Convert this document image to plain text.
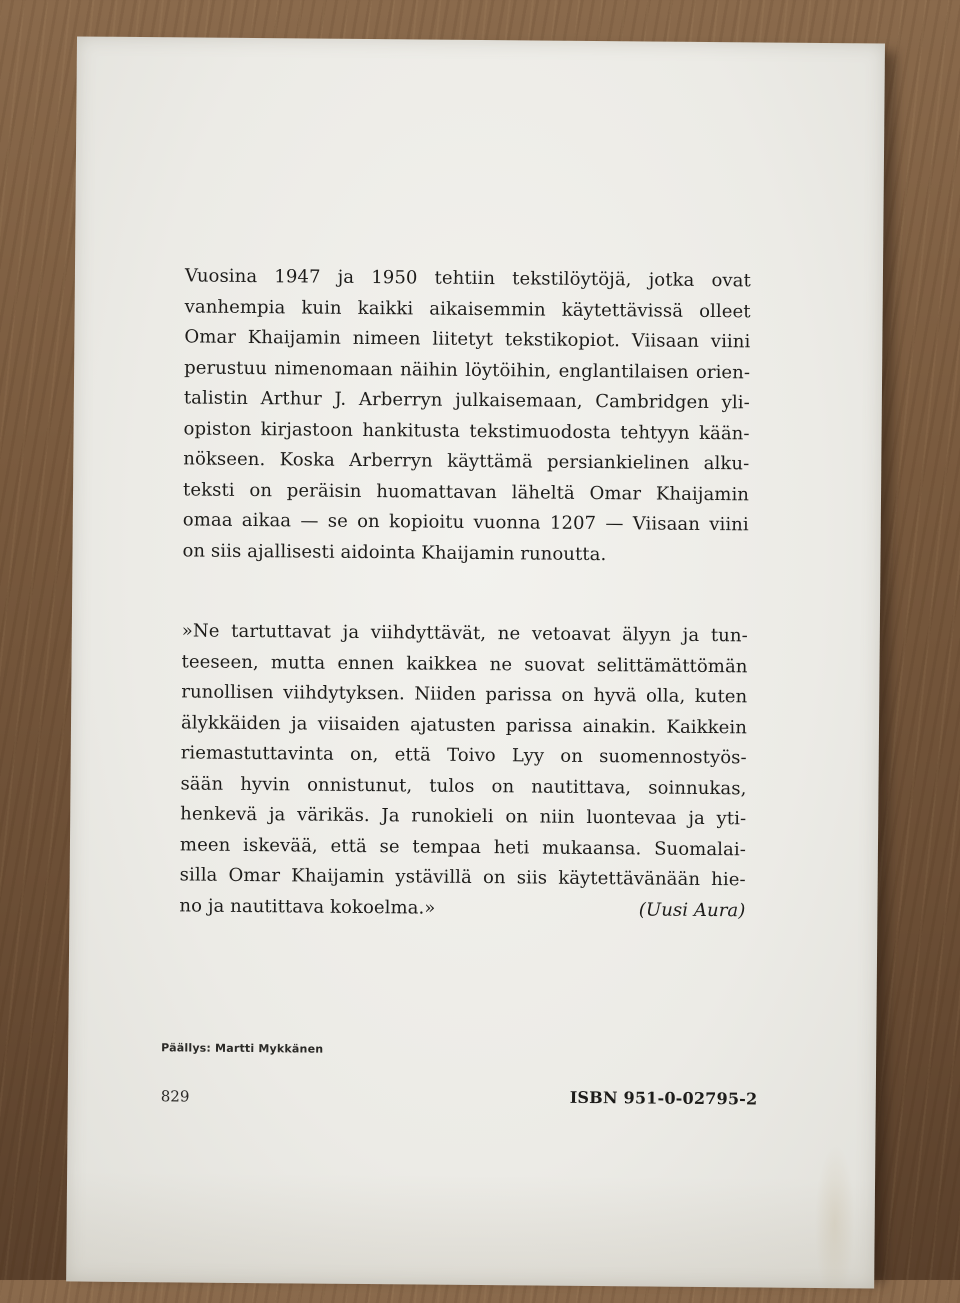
Vuosina 1947 ja 1950 tehtiin tekstilöytöjä, jotka ovat
vanhempia kuin kaikki aikaisemmin käytettävissä olleet
Omar Khaijamin nimeen liitetyt tekstikopiot. Viisaan viini
perustuu nimenomaan näihin löytöihin, englantilaisen orien-
talistin Arthur J. Arberryn julkaisemaan, Cambridgen yli-
opiston kirjastoon hankitusta tekstimuodosta tehtyyn kään-
nökseen. Koska Arberryn käyttämä persiankielinen alku-
teksti on peräisin huomattavan läheltä Omar Khaijamin
omaa aikaa — se on kopioitu vuonna 1207 — Viisaan viini
on siis ajallisesti aidointa Khaijamin runoutta.
»Ne tartuttavat ja viihdyttävät, ne vetoavat älyyn ja tun-
teeseen, mutta ennen kaikkea ne suovat selittämättömän
runollisen viihdytyksen. Niiden parissa on hyvä olla, kuten
älykkäiden ja viisaiden ajatusten parissa ainakin. Kaikkein
riemastuttavinta on, että Toivo Lyy on suomennostyös-
sään hyvin onnistunut, tulos on nautittava, soinnukas,
henkevä ja värikäs. Ja runokieli on niin luontevaa ja yti-
meen iskevää, että se tempaa heti mukaansa. Suomalai-
silla Omar Khaijamin ystävillä on siis käytettävänään hie-
no ja nautittava kokoelma.»	(Uusi Aura)
Päällys: Martti Mykkänen
829	ISBN 951-0-02795-2
